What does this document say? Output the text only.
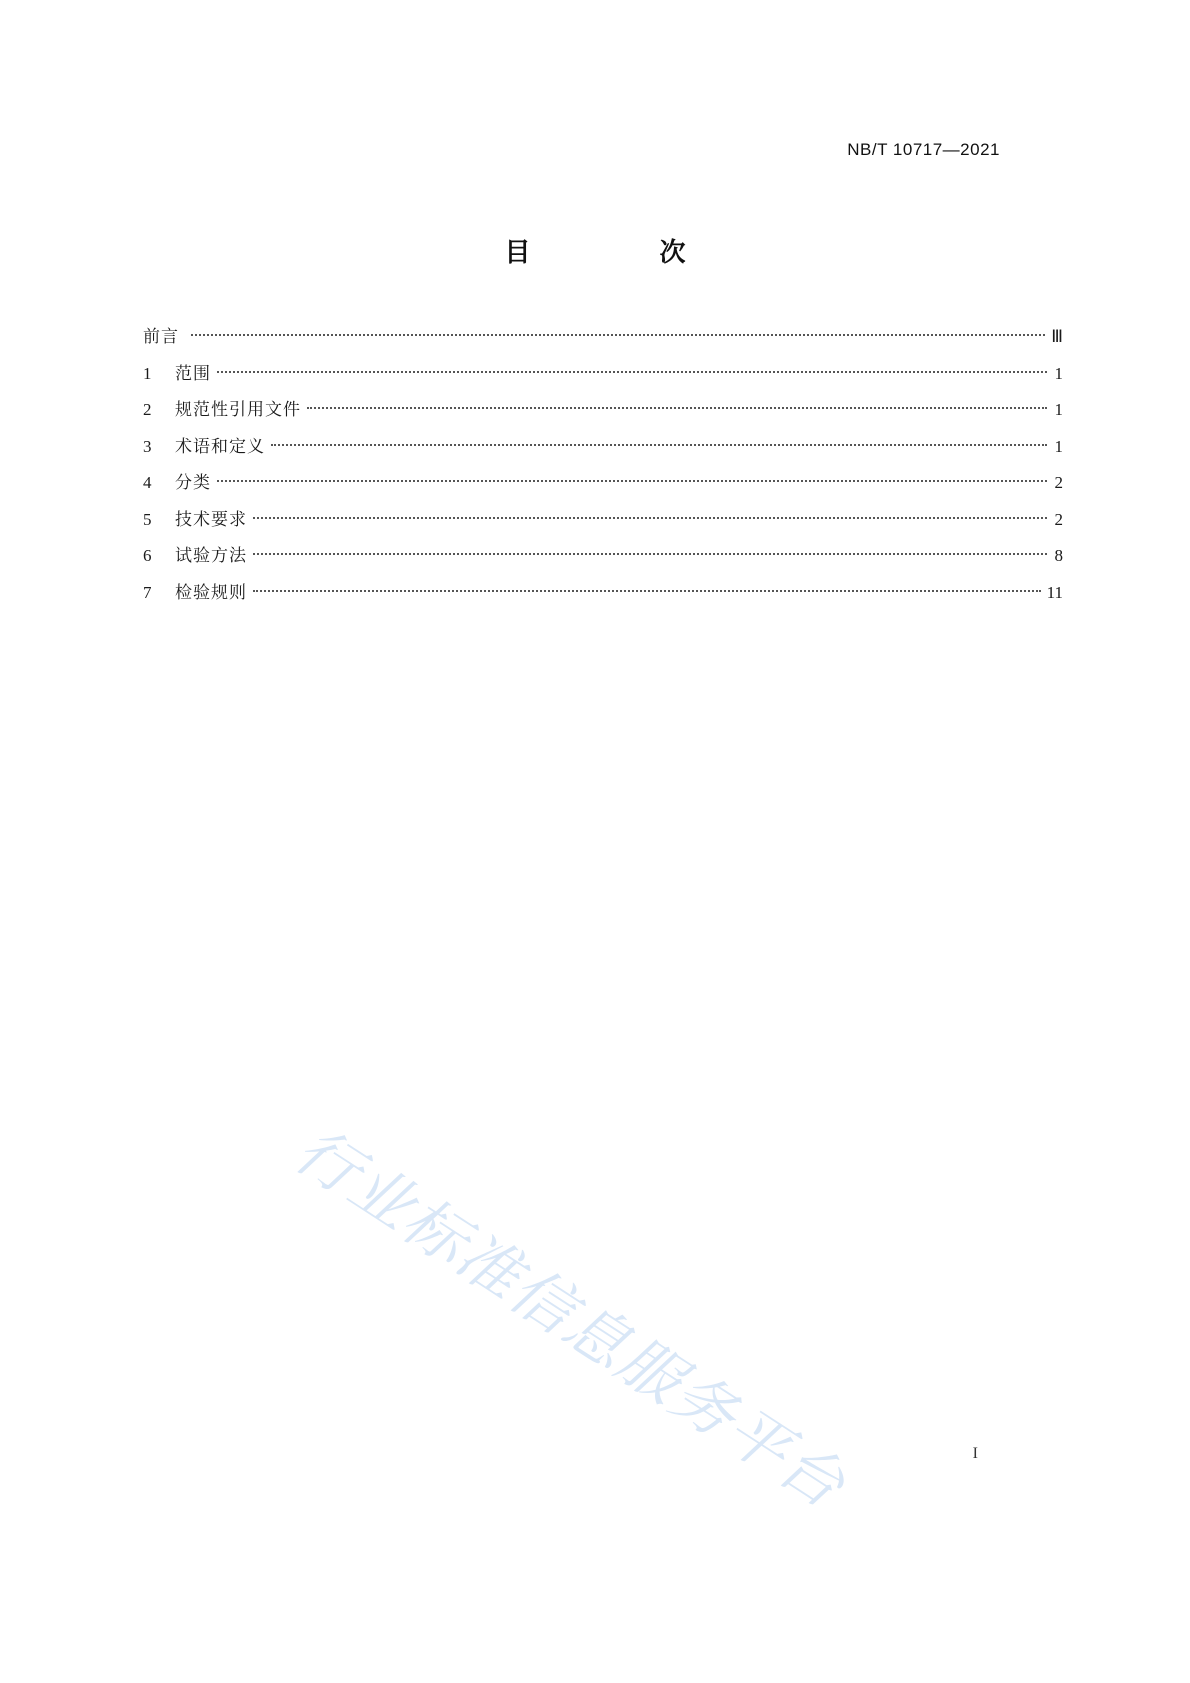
NB/T 10717—2021
目 次
前言	Ⅲ
1	范围	1
2	规范性引用文件	1
3	术语和定义	1
4	分类	2
5	技术要求	2
6	试验方法	8
7	检验规则	11
行业标准信息服务平台	I
